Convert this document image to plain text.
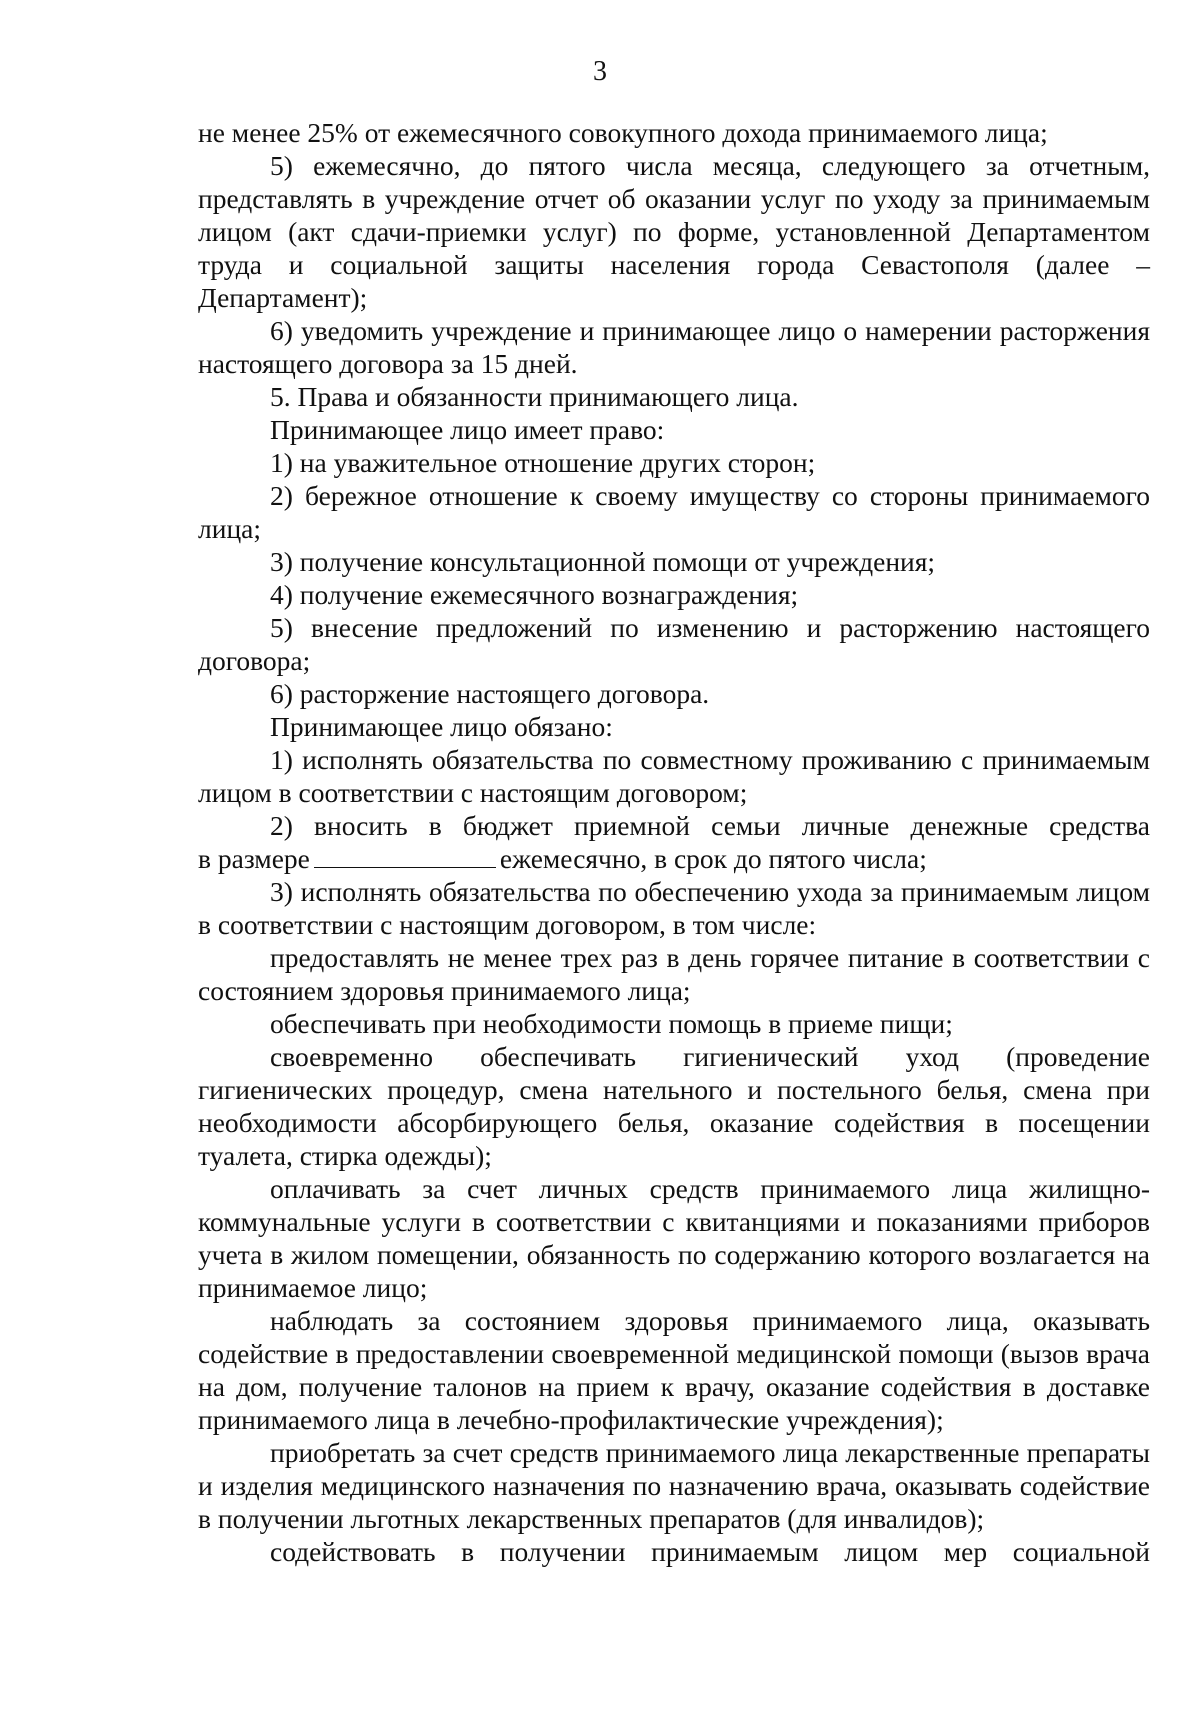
3

не менее 25% от ежемесячного совокупного дохода принимаемого лица;

5) ежемесячно, до пятого числа месяца, следующего за отчетным, представлять в учреждение отчет об оказании услуг по уходу за принимаемым лицом (акт сдачи-приемки услуг) по форме, установленной Департаментом труда и социальной защиты населения города Севастополя (далее – Департамент);

6) уведомить учреждение и принимающее лицо о намерении расторжения настоящего договора за 15 дней.

5. Права и обязанности принимающего лица.

Принимающее лицо имеет право:

1) на уважительное отношение других сторон;

2) бережное отношение к своему имуществу со стороны принимаемого лица;

3) получение консультационной помощи от учреждения;

4) получение ежемесячного вознаграждения;

5) внесение предложений по изменению и расторжению настоящего договора;

6) расторжение настоящего договора.

Принимающее лицо обязано:

1) исполнять обязательства по совместному проживанию с принимаемым лицом в соответствии с настоящим договором;

2) вносить в бюджет приемной семьи личные денежные средства

в размере	ежемесячно, в срок до пятого числа;

3) исполнять обязательства по обеспечению ухода за принимаемым лицом в соответствии с настоящим договором, в том числе:

предоставлять не менее трех раз в день горячее питание в соответствии с состоянием здоровья принимаемого лица;

обеспечивать при необходимости помощь в приеме пищи;

своевременно обеспечивать гигиенический уход (проведение гигиенических процедур, смена нательного и постельного белья, смена при необходимости абсорбирующего белья, оказание содействия в посещении туалета, стирка одежды);

оплачивать за счет личных средств принимаемого лица жилищно-коммунальные услуги в соответствии с квитанциями и показаниями приборов учета в жилом помещении, обязанность по содержанию которого возлагается на принимаемое лицо;

наблюдать за состоянием здоровья принимаемого лица, оказывать содействие в предоставлении своевременной медицинской помощи (вызов врача на дом, получение талонов на прием к врачу, оказание содействия в доставке принимаемого лица в лечебно-профилактические учреждения);

приобретать за счет средств принимаемого лица лекарственные препараты и изделия медицинского назначения по назначению врача, оказывать содействие в получении льготных лекарственных препаратов (для инвалидов);

содействовать в получении принимаемым лицом мер социальной
